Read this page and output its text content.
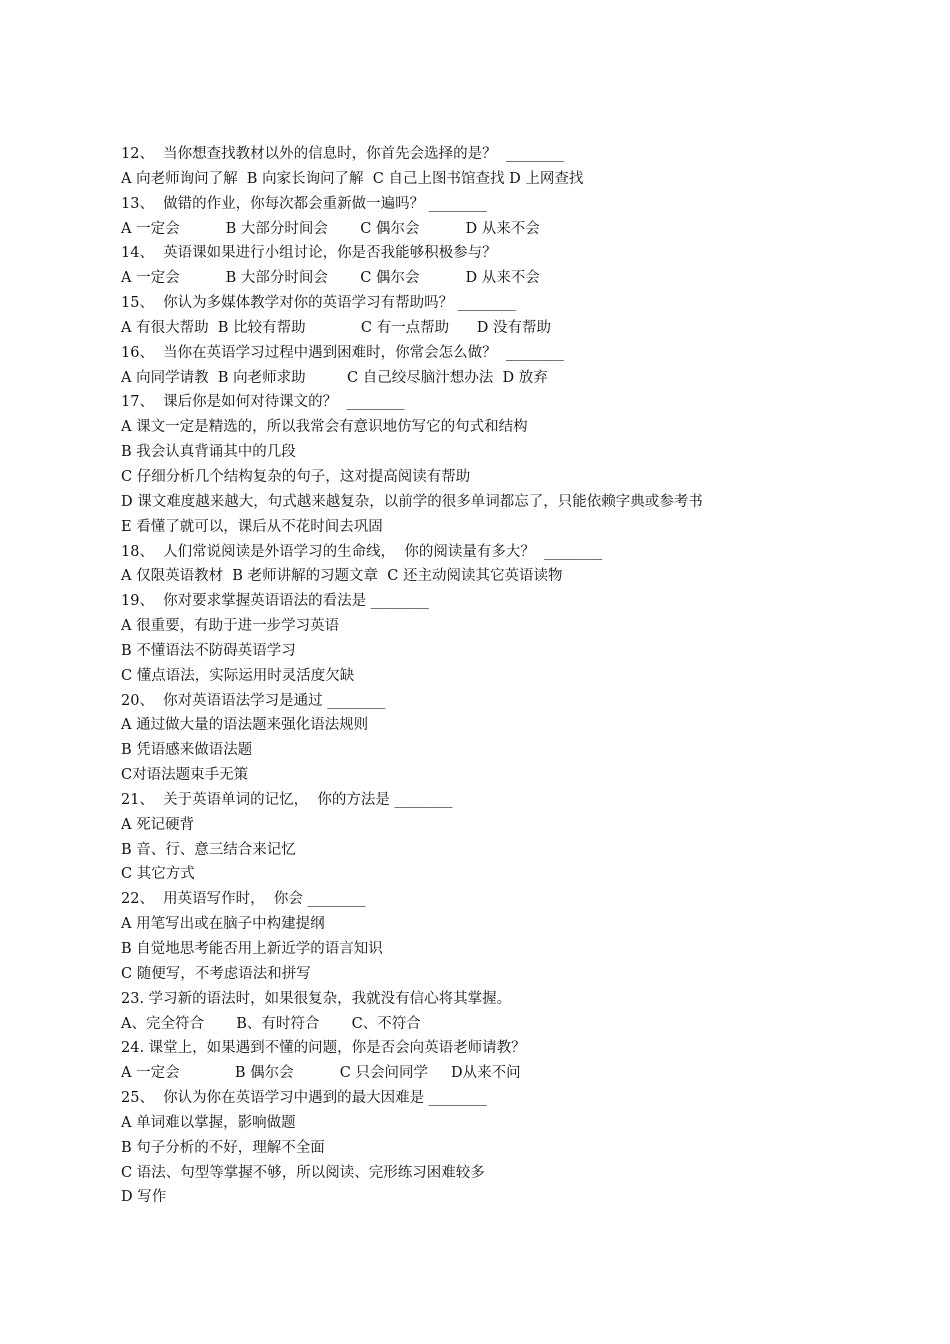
12、  当你想查找教材以外的信息时，你首先会选择的是？  ________
A 向老师询问了解  B 向家长询问了解  C 自己上图书馆查找 D 上网查找
13、  做错的作业，你每次都会重新做一遍吗？ ________
A 一定会          B 大部分时间会       C 偶尔会          D 从来不会
14、  英语课如果进行小组讨论，你是否我能够积极参与？
A 一定会          B 大部分时间会       C 偶尔会          D 从来不会
15、  你认为多媒体教学对你的英语学习有帮助吗？ ________
A 有很大帮助  B 比较有帮助            C 有一点帮助      D 没有帮助
16、  当你在英语学习过程中遇到困难时，你常会怎么做？  ________
A 向同学请教  B 向老师求助         C 自己绞尽脑汁想办法  D 放弃
17、  课后你是如何对待课文的？  ________
A 课文一定是精选的，所以我常会有意识地仿写它的句式和结构
B 我会认真背诵其中的几段
C 仔细分析几个结构复杂的句子，这对提高阅读有帮助
D 课文难度越来越大，句式越来越复杂，以前学的很多单词都忘了，只能依赖字典或参考书
E 看懂了就可以，课后从不花时间去巩固
18、  人们常说阅读是外语学习的生命线，  你的阅读量有多大？  ________
A 仅限英语教材  B 老师讲解的习题文章  C 还主动阅读其它英语读物
19、  你对要求掌握英语语法的看法是 ________
A 很重要，有助于进一步学习英语
B 不懂语法不防碍英语学习
C 懂点语法，实际运用时灵活度欠缺
20、  你对英语语法学习是通过 ________
A 通过做大量的语法题来强化语法规则
B 凭语感来做语法题
C对语法题束手无策
21、  关于英语单词的记忆，  你的方法是 ________
A 死记硬背
B 音、行、意三结合来记忆
C 其它方式
22、  用英语写作时，  你会 ________
A 用笔写出或在脑子中构建提纲
B 自觉地思考能否用上新近学的语言知识
C 随便写，不考虑语法和拼写
23. 学习新的语法时，如果很复杂，我就没有信心将其掌握。
A、完全符合       B、有时符合       C、不符合
24. 课堂上，如果遇到不懂的问题，你是否会向英语老师请教？
A 一定会            B 偶尔会          C 只会问同学     D从来不问
25、  你认为你在英语学习中遇到的最大因难是 ________
A 单词难以掌握，影响做题
B 句子分析的不好，理解不全面
C 语法、句型等掌握不够，所以阅读、完形练习困难较多
D 写作
